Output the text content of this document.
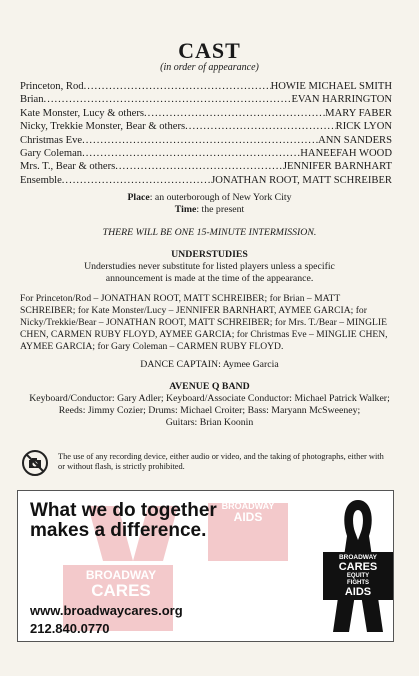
CAST
(in order of appearance)
Princeton, Rod .....	HOWIE MICHAEL SMITH
Brian .....	EVAN HARRINGTON
Kate Monster, Lucy & others .....	MARY FABER
Nicky, Trekkie Monster, Bear & others .....	RICK LYON
Christmas Eve .....	ANN SANDERS
Gary Coleman .....	HANEEFAH WOOD
Mrs. T., Bear & others .....	JENNIFER BARNHART
Ensemble .....	JONATHAN ROOT, MATT SCHREIBER
Place: an outerborough of New York City
Time: the present
THERE WILL BE ONE 15-MINUTE INTERMISSION.
UNDERSTUDIES
Understudies never substitute for listed players unless a specific
announcement is made at the time of the appearance.
For Princeton/Rod – JONATHAN ROOT, MATT SCHREIBER; for Brian – MATT SCHREIBER; for Kate Monster/Lucy – JENNIFER BARNHART, AYMEE GARCIA; for Nicky/Trekkie/Bear – JONATHAN ROOT, MATT SCHREIBER; for Mrs. T./Bear – MINGLIE CHEN, CARMEN RUBY FLOYD, AYMEE GARCIA; for Christmas Eve – MINGLIE CHEN, AYMEE GARCIA; for Gary Coleman – CARMEN RUBY FLOYD.
DANCE CAPTAIN: Aymee Garcia
AVENUE Q BAND
Keyboard/Conductor: Gary Adler; Keyboard/Associate Conductor: Michael Patrick Walker;
Reeds: Jimmy Cozier; Drums: Michael Croiter; Bass: Maryann McSweeney;
Guitars: Brian Koonin
The use of any recording device, either audio or video, and the taking of photographs, either with or without flash, is strictly prohibited.
BROADWAY
AIDS
BROADWAY
CARES
What we do together
makes a difference.
www.broadwaycares.org
212.840.0770
BROADWAY
CARES
EQUITY
FIGHTS
AIDS
